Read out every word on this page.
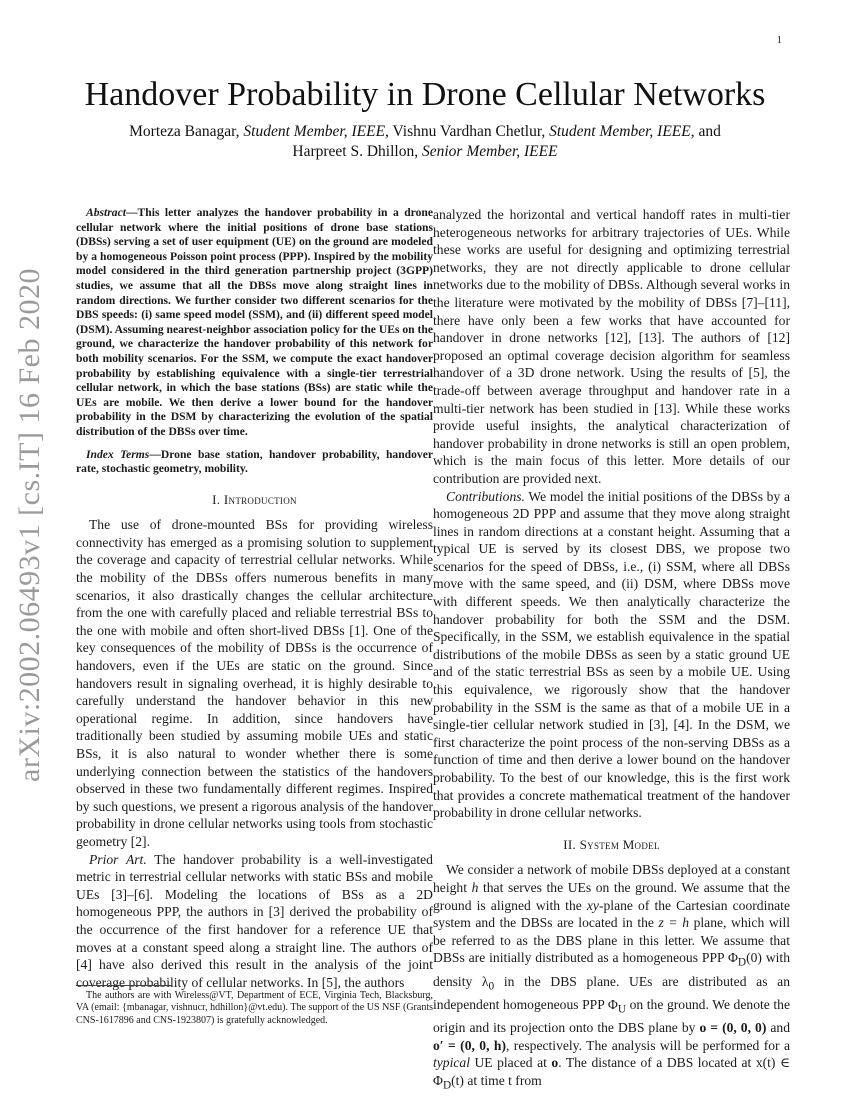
1
arXiv:2002.06493v1 [cs.IT] 16 Feb 2020
Handover Probability in Drone Cellular Networks
Morteza Banagar, Student Member, IEEE, Vishnu Vardhan Chetlur, Student Member, IEEE, and
Harpreet S. Dhillon, Senior Member, IEEE

Abstract—This letter analyzes the handover probability in a drone cellular network where the initial positions of drone base stations (DBSs) serving a set of user equipment (UE) on the ground are modeled by a homogeneous Poisson point process (PPP). Inspired by the mobility model considered in the third generation partnership project (3GPP) studies, we assume that all the DBSs move along straight lines in random directions. We further consider two different scenarios for the DBS speeds: (i) same speed model (SSM), and (ii) different speed model (DSM). Assuming nearest-neighbor association policy for the UEs on the ground, we characterize the handover probability of this network for both mobility scenarios. For the SSM, we compute the exact handover probability by establishing equivalence with a single-tier terrestrial cellular network, in which the base stations (BSs) are static while the UEs are mobile. We then derive a lower bound for the handover probability in the DSM by characterizing the evolution of the spatial distribution of the DBSs over time.

Index Terms—Drone base station, handover probability, handover rate, stochastic geometry, mobility.

I. Introduction

The use of drone-mounted BSs for providing wireless connectivity has emerged as a promising solution to supplement the coverage and capacity of terrestrial cellular networks. While the mobility of the DBSs offers numerous benefits in many scenarios, it also drastically changes the cellular architecture from the one with carefully placed and reliable terrestrial BSs to the one with mobile and often short-lived DBSs [1]. One of the key consequences of the mobility of DBSs is the occurrence of handovers, even if the UEs are static on the ground. Since handovers result in signaling overhead, it is highly desirable to carefully understand the handover behavior in this new operational regime. In addition, since handovers have traditionally been studied by assuming mobile UEs and static BSs, it is also natural to wonder whether there is some underlying connection between the statistics of the handovers observed in these two fundamentally different regimes. Inspired by such questions, we present a rigorous analysis of the handover probability in drone cellular networks using tools from stochastic geometry [2].

Prior Art. The handover probability is a well-investigated metric in terrestrial cellular networks with static BSs and mobile UEs [3]–[6]. Modeling the locations of BSs as a 2D homogeneous PPP, the authors in [3] derived the probability of the occurrence of the first handover for a reference UE that moves at a constant speed along a straight line. The authors of [4] have also derived this result in the analysis of the joint coverage probability of cellular networks. In [5], the authors

analyzed the horizontal and vertical handoff rates in multi-tier heterogeneous networks for arbitrary trajectories of UEs. While these works are useful for designing and optimizing terrestrial networks, they are not directly applicable to drone cellular networks due to the mobility of DBSs. Although several works in the literature were motivated by the mobility of DBSs [7]–[11], there have only been a few works that have accounted for handover in drone networks [12], [13]. The authors of [12] proposed an optimal coverage decision algorithm for seamless handover of a 3D drone network. Using the results of [5], the trade-off between average throughput and handover rate in a multi-tier network has been studied in [13]. While these works provide useful insights, the analytical characterization of handover probability in drone networks is still an open problem, which is the main focus of this letter. More details of our contribution are provided next.

Contributions. We model the initial positions of the DBSs by a homogeneous 2D PPP and assume that they move along straight lines in random directions at a constant height. Assuming that a typical UE is served by its closest DBS, we propose two scenarios for the speed of DBSs, i.e., (i) SSM, where all DBSs move with the same speed, and (ii) DSM, where DBSs move with different speeds. We then analytically characterize the handover probability for both the SSM and the DSM. Specifically, in the SSM, we establish equivalence in the spatial distributions of the mobile DBSs as seen by a static ground UE and of the static terrestrial BSs as seen by a mobile UE. Using this equivalence, we rigorously show that the handover probability in the SSM is the same as that of a mobile UE in a single-tier cellular network studied in [3], [4]. In the DSM, we first characterize the point process of the non-serving DBSs as a function of time and then derive a lower bound on the handover probability. To the best of our knowledge, this is the first work that provides a concrete mathematical treatment of the handover probability in drone cellular networks.

II. System Model

We consider a network of mobile DBSs deployed at a constant height h that serves the UEs on the ground. We assume that the ground is aligned with the xy-plane of the Cartesian coordinate system and the DBSs are located in the z = h plane, which will be referred to as the DBS plane in this letter. We assume that DBSs are initially distributed as a homogeneous PPP $\Phi_D(0)$ with density $\lambda_0$ in the DBS plane. UEs are distributed as an independent homogeneous PPP $\Phi_U$ on the ground. We denote the origin and its projection onto the DBS plane by o = (0, 0, 0) and o′ = (0, 0, h), respectively. The analysis will be performed for a typical UE placed at o. The distance of a DBS located at x(t) ∈ $\Phi_D(t)$ at time t from

The authors are with Wireless@VT, Department of ECE, Virginia Tech, Blacksburg, VA (email: {mbanagar, vishnucr, hdhillon}@vt.edu). The support of the US NSF (Grants CNS-1617896 and CNS-1923807) is gratefully acknowledged.
